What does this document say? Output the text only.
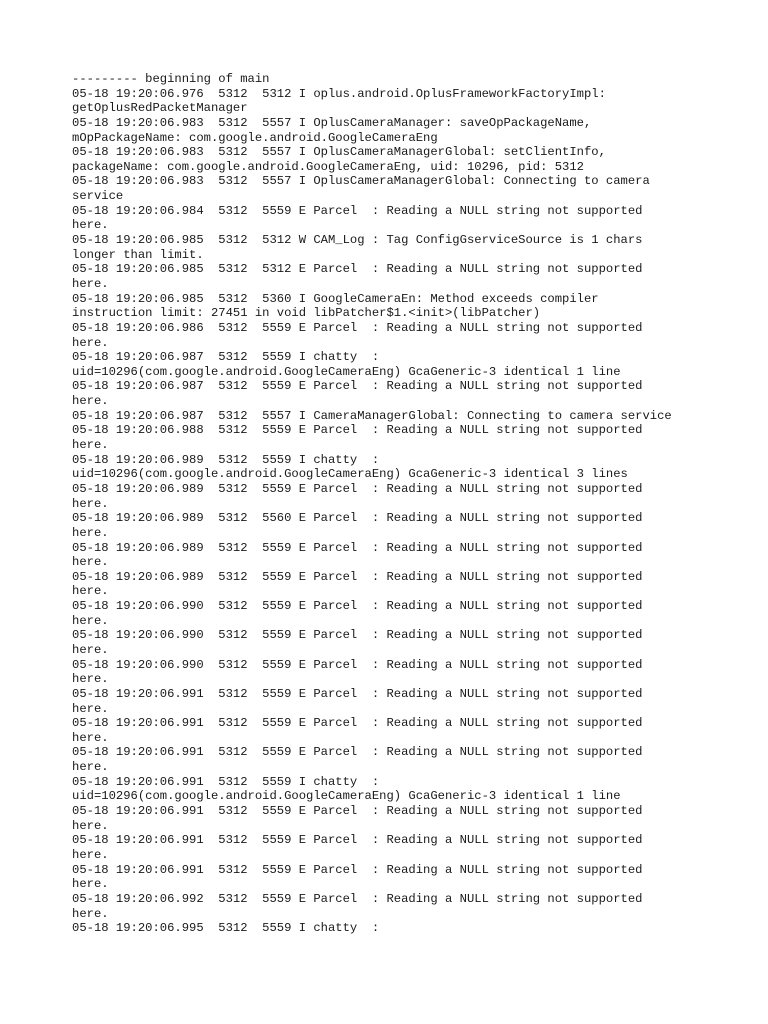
--------- beginning of main
05-18 19:20:06.976  5312  5312 I oplus.android.OplusFrameworkFactoryImpl:
getOplusRedPacketManager
05-18 19:20:06.983  5312  5557 I OplusCameraManager: saveOpPackageName,
mOpPackageName: com.google.android.GoogleCameraEng
05-18 19:20:06.983  5312  5557 I OplusCameraManagerGlobal: setClientInfo,
packageName: com.google.android.GoogleCameraEng, uid: 10296, pid: 5312
05-18 19:20:06.983  5312  5557 I OplusCameraManagerGlobal: Connecting to camera
service
05-18 19:20:06.984  5312  5559 E Parcel  : Reading a NULL string not supported
here.
05-18 19:20:06.985  5312  5312 W CAM_Log : Tag ConfigGserviceSource is 1 chars
longer than limit.
05-18 19:20:06.985  5312  5312 E Parcel  : Reading a NULL string not supported
here.
05-18 19:20:06.985  5312  5360 I GoogleCameraEn: Method exceeds compiler
instruction limit: 27451 in void libPatcher$1.<init>(libPatcher)
05-18 19:20:06.986  5312  5559 E Parcel  : Reading a NULL string not supported
here.
05-18 19:20:06.987  5312  5559 I chatty  :
uid=10296(com.google.android.GoogleCameraEng) GcaGeneric-3 identical 1 line
05-18 19:20:06.987  5312  5559 E Parcel  : Reading a NULL string not supported
here.
05-18 19:20:06.987  5312  5557 I CameraManagerGlobal: Connecting to camera service
05-18 19:20:06.988  5312  5559 E Parcel  : Reading a NULL string not supported
here.
05-18 19:20:06.989  5312  5559 I chatty  :
uid=10296(com.google.android.GoogleCameraEng) GcaGeneric-3 identical 3 lines
05-18 19:20:06.989  5312  5559 E Parcel  : Reading a NULL string not supported
here.
05-18 19:20:06.989  5312  5560 E Parcel  : Reading a NULL string not supported
here.
05-18 19:20:06.989  5312  5559 E Parcel  : Reading a NULL string not supported
here.
05-18 19:20:06.989  5312  5559 E Parcel  : Reading a NULL string not supported
here.
05-18 19:20:06.990  5312  5559 E Parcel  : Reading a NULL string not supported
here.
05-18 19:20:06.990  5312  5559 E Parcel  : Reading a NULL string not supported
here.
05-18 19:20:06.990  5312  5559 E Parcel  : Reading a NULL string not supported
here.
05-18 19:20:06.991  5312  5559 E Parcel  : Reading a NULL string not supported
here.
05-18 19:20:06.991  5312  5559 E Parcel  : Reading a NULL string not supported
here.
05-18 19:20:06.991  5312  5559 E Parcel  : Reading a NULL string not supported
here.
05-18 19:20:06.991  5312  5559 I chatty  :
uid=10296(com.google.android.GoogleCameraEng) GcaGeneric-3 identical 1 line
05-18 19:20:06.991  5312  5559 E Parcel  : Reading a NULL string not supported
here.
05-18 19:20:06.991  5312  5559 E Parcel  : Reading a NULL string not supported
here.
05-18 19:20:06.991  5312  5559 E Parcel  : Reading a NULL string not supported
here.
05-18 19:20:06.992  5312  5559 E Parcel  : Reading a NULL string not supported
here.
05-18 19:20:06.995  5312  5559 I chatty  :
